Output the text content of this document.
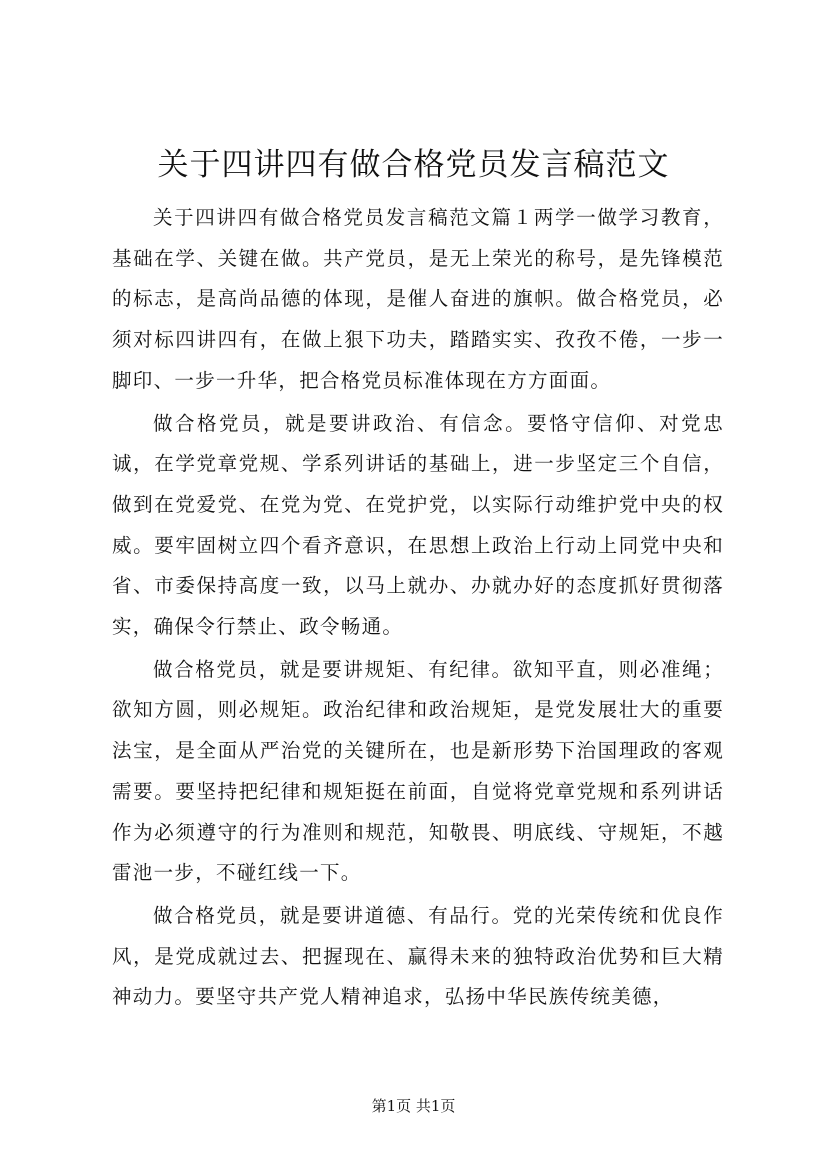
关于四讲四有做合格党员发言稿范文

关于四讲四有做合格党员发言稿范文篇１两学一做学习教育，基础在学、关键在做。共产党员，是无上荣光的称号，是先锋模范的标志，是高尚品德的体现，是催人奋进的旗帜。做合格党员，必须对标四讲四有，在做上狠下功夫，踏踏实实、孜孜不倦，一步一脚印、一步一升华，把合格党员标准体现在方方面面。

做合格党员，就是要讲政治、有信念。要恪守信仰、对党忠诚，在学党章党规、学系列讲话的基础上，进一步坚定三个自信，做到在党爱党、在党为党、在党护党，以实际行动维护党中央的权威。要牢固树立四个看齐意识，在思想上政治上行动上同党中央和省、市委保持高度一致，以马上就办、办就办好的态度抓好贯彻落实，确保令行禁止、政令畅通。

做合格党员，就是要讲规矩、有纪律。欲知平直，则必准绳；欲知方圆，则必规矩。政治纪律和政治规矩，是党发展壮大的重要法宝，是全面从严治党的关键所在，也是新形势下治国理政的客观需要。要坚持把纪律和规矩挺在前面，自觉将党章党规和系列讲话作为必须遵守的行为准则和规范，知敬畏、明底线、守规矩，不越雷池一步，不碰红线一下。

做合格党员，就是要讲道德、有品行。党的光荣传统和优良作风，是党成就过去、把握现在、赢得未来的独特政治优势和巨大精神动力。要坚守共产党人精神追求，弘扬中华民族传统美德，

第1页 共1页
